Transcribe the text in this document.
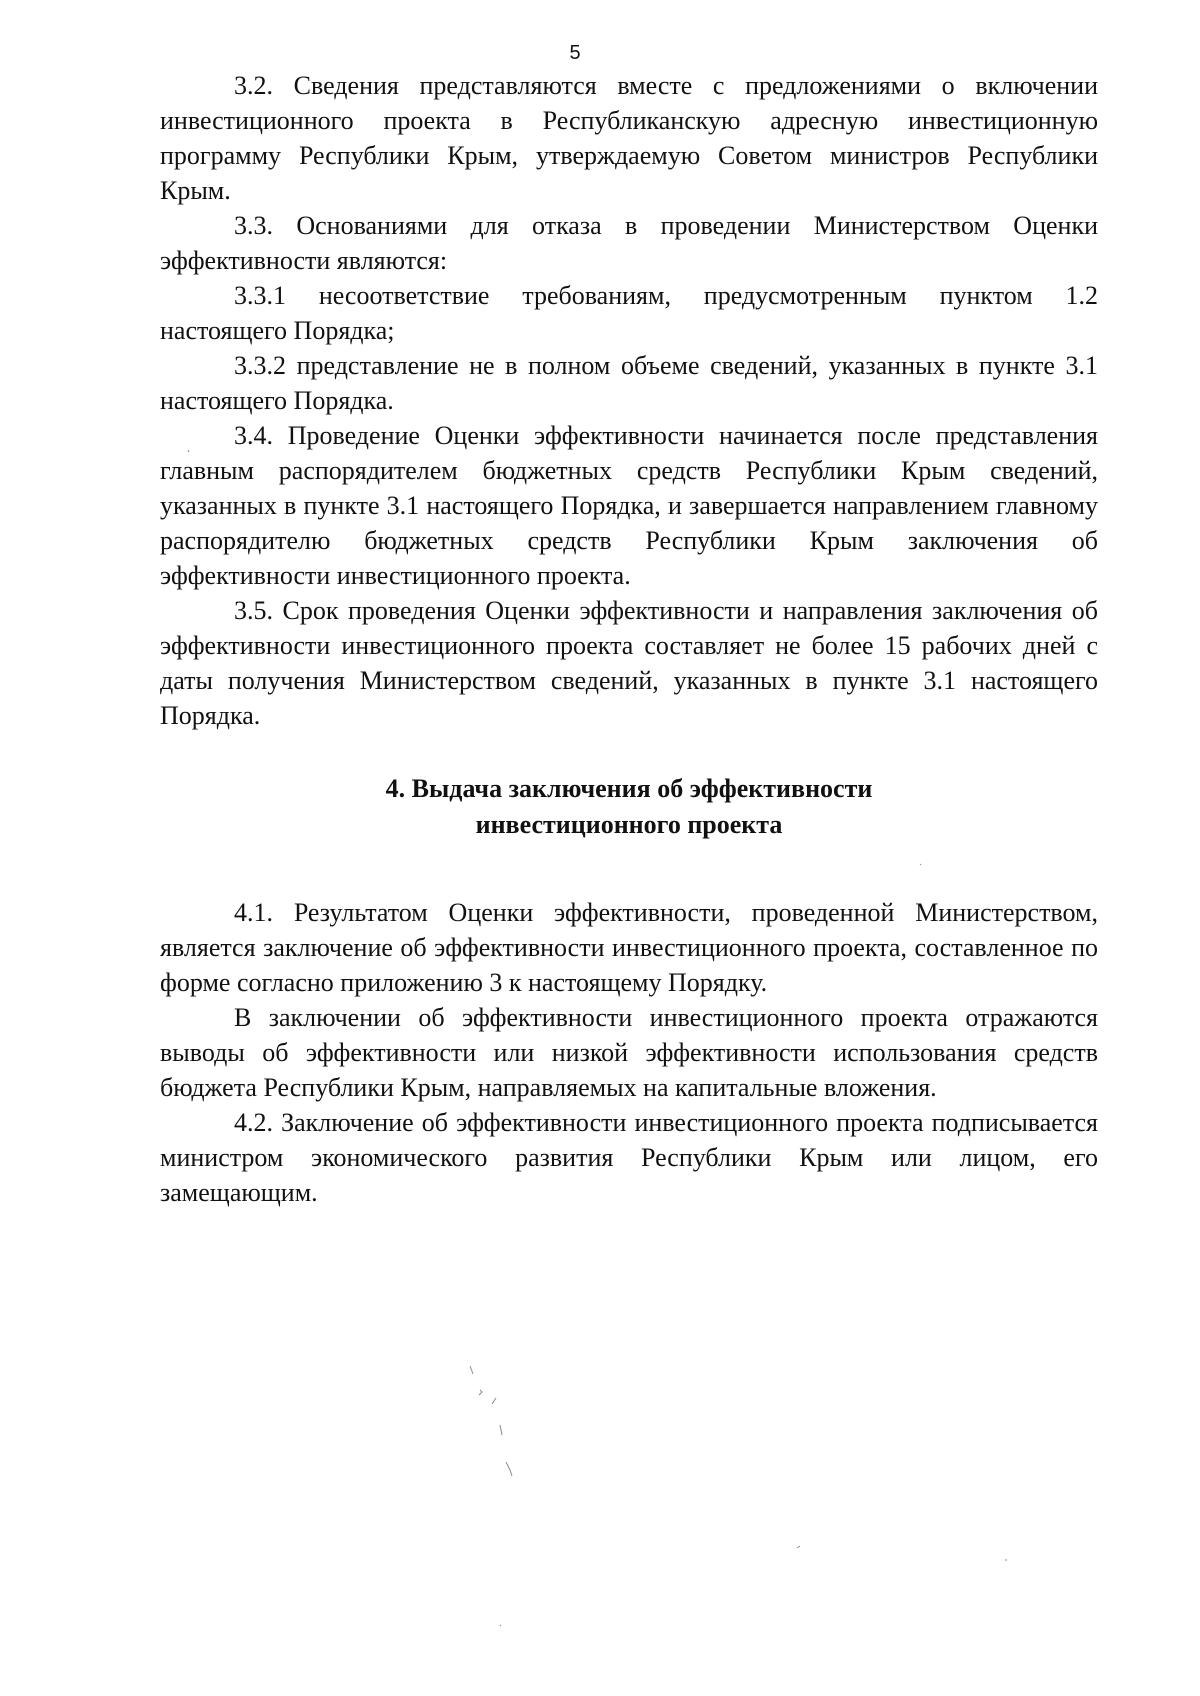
5

3.2. Сведения представляются вместе с предложениями о включении инвестиционного проекта в Республиканскую адресную инвестиционную программу Республики Крым, утверждаемую Советом министров Республики Крым.

3.3. Основаниями для отказа в проведении Министерством Оценки эффективности являются:

3.3.1 несоответствие требованиям, предусмотренным пунктом 1.2 настоящего Порядка;

3.3.2 представление не в полном объеме сведений, указанных в пункте 3.1 настоящего Порядка.

3.4. Проведение Оценки эффективности начинается после представления главным распорядителем бюджетных средств Республики Крым сведений, указанных в пункте 3.1 настоящего Порядка, и завершается направлением главному распорядителю бюджетных средств Республики Крым заключения об эффективности инвестиционного проекта.

3.5. Срок проведения Оценки эффективности и направления заключения об эффективности инвестиционного проекта составляет не более 15 рабочих дней с даты получения Министерством сведений, указанных в пункте 3.1 настоящего Порядка.

4. Выдача заключения об эффективности
инвестиционного проекта

4.1. Результатом Оценки эффективности, проведенной Министерством, является заключение об эффективности инвестиционного проекта, составленное по форме согласно приложению 3 к настоящему Порядку.

В заключении об эффективности инвестиционного проекта отражаются выводы об эффективности или низкой эффективности использования средств бюджета Республики Крым, направляемых на капитальные вложения.

4.2. Заключение об эффективности инвестиционного проекта подписывается министром экономического развития Республики Крым или лицом, его замещающим.
